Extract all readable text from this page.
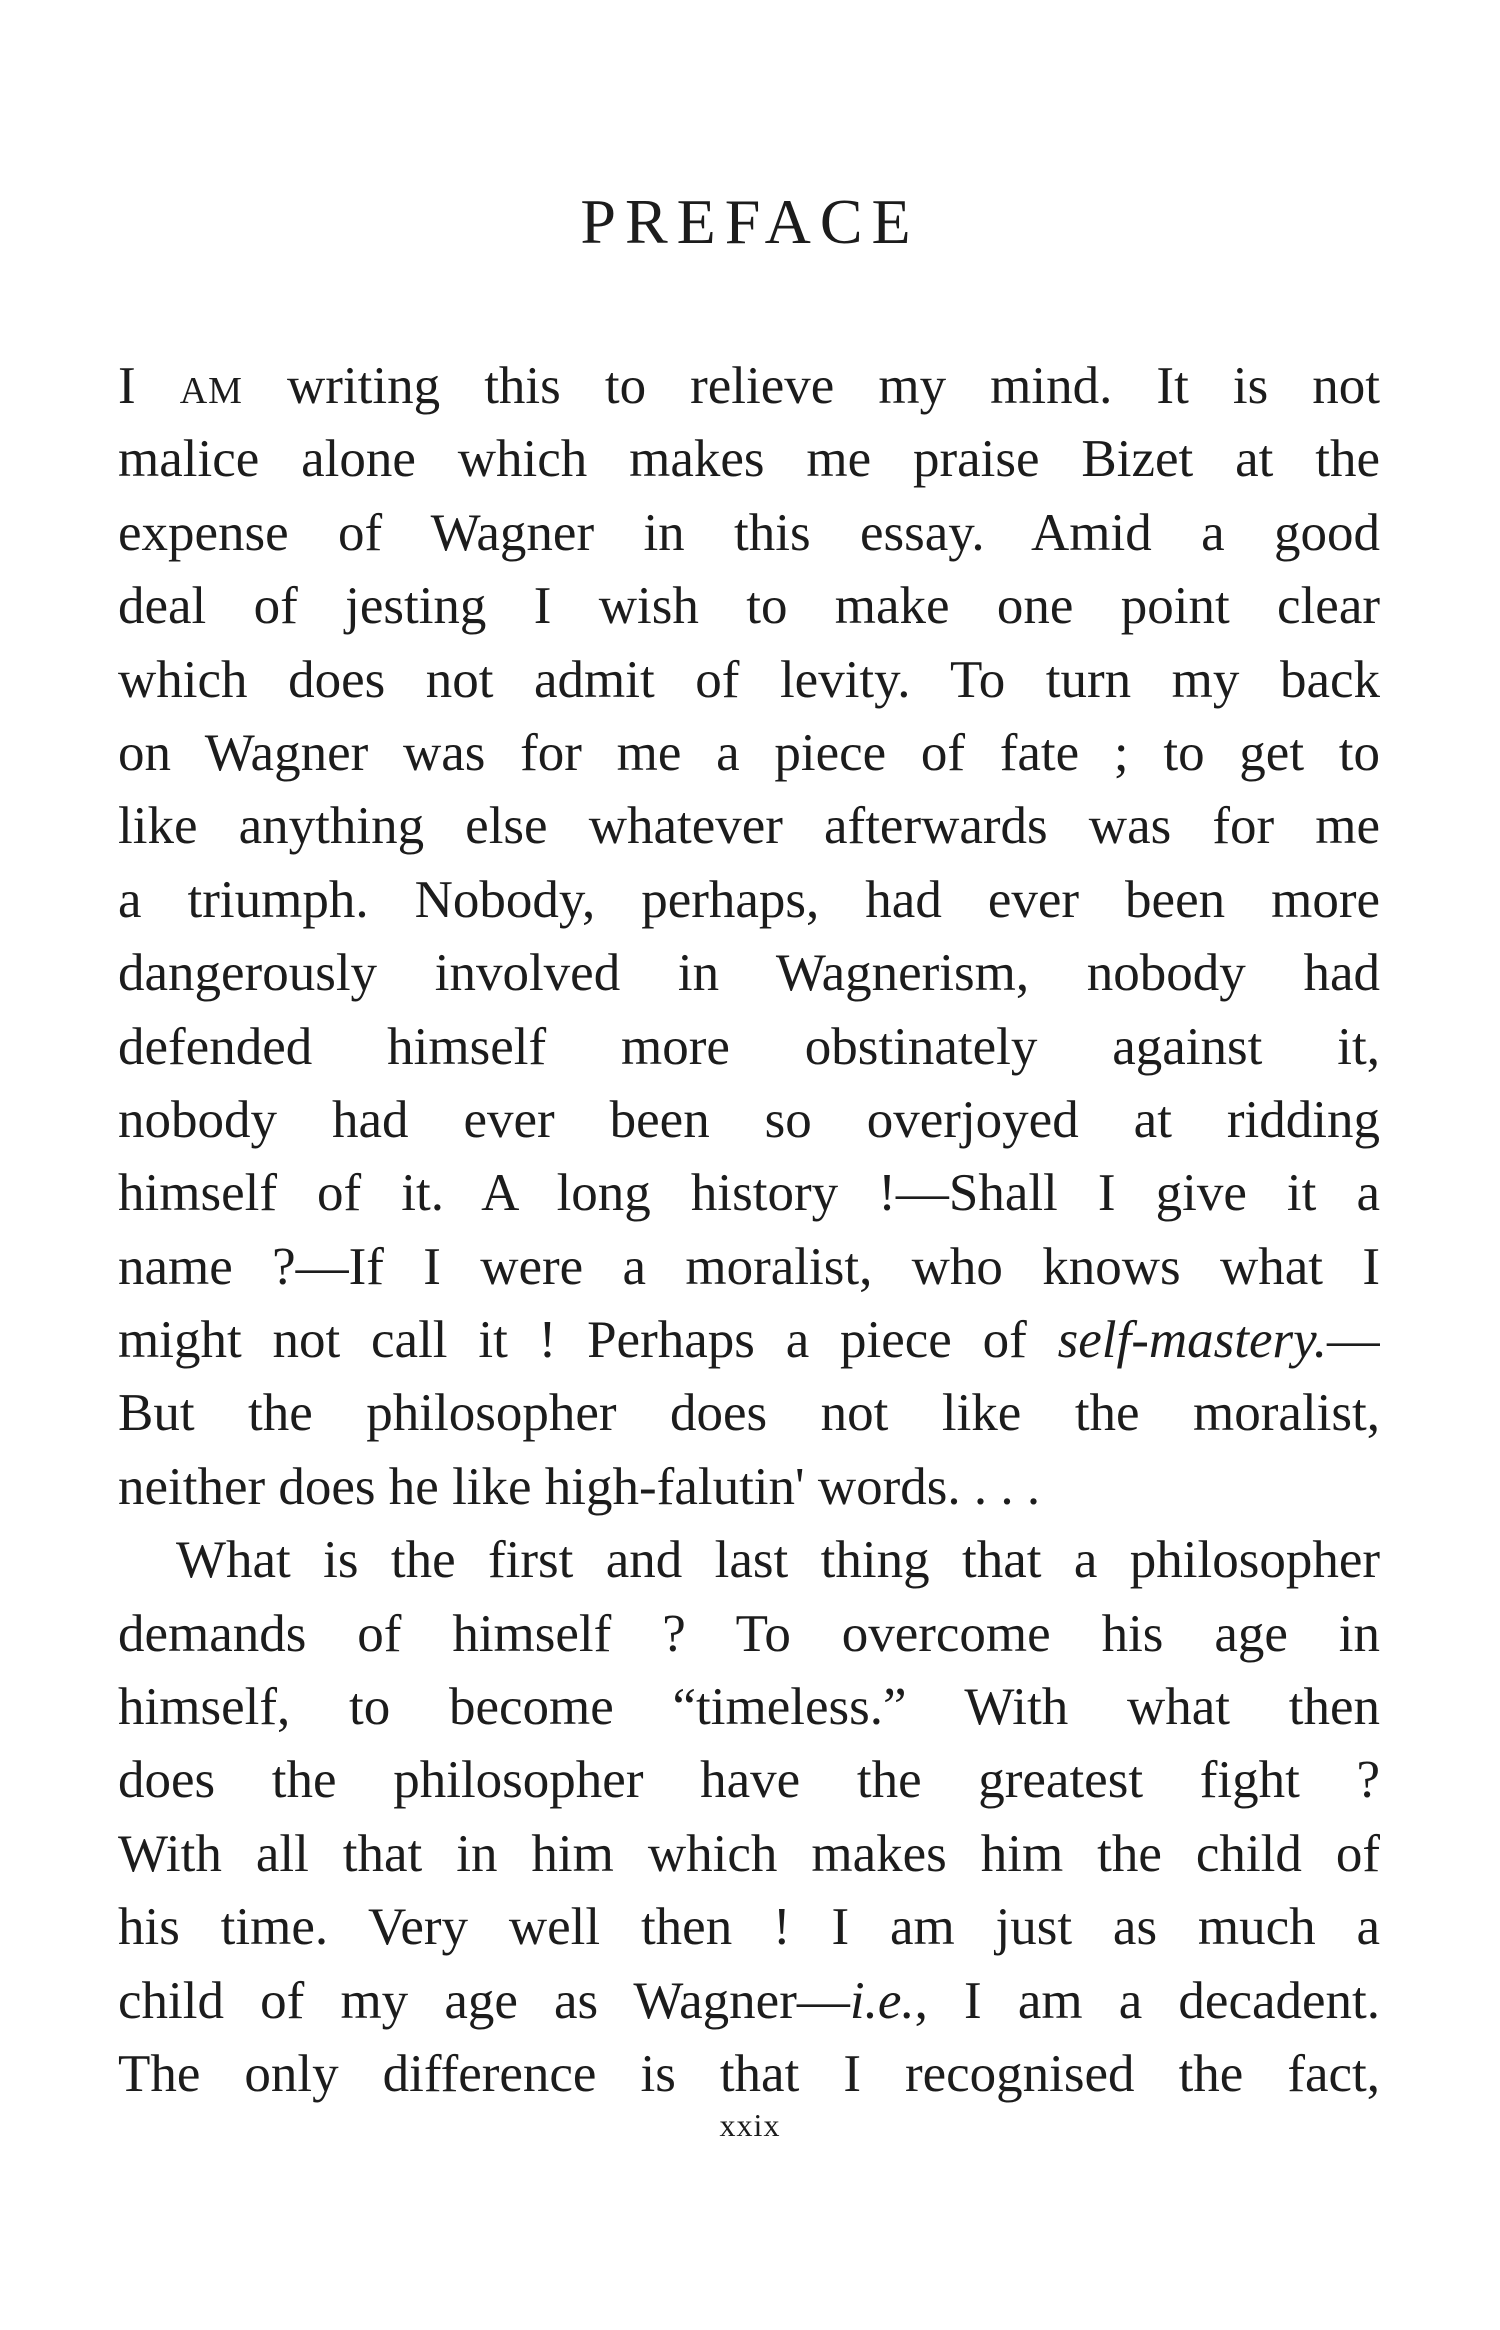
PREFACE
I AM writing this to relieve my mind. It is not
malice alone which makes me praise Bizet at the
expense of Wagner in this essay. Amid a good
deal of jesting I wish to make one point clear
which does not admit of levity. To turn my back
on Wagner was for me a piece of fate ; to get to
like anything else whatever afterwards was for me
a triumph. Nobody, perhaps, had ever been more
dangerously involved in Wagnerism, nobody had
defended himself more obstinately against it,
nobody had ever been so overjoyed at ridding
himself of it. A long history !—Shall I give it a
name ?—If I were a moralist, who knows what I
might not call it ! Perhaps a piece of self-mastery.—
But the philosopher does not like the moralist,
neither does he like high-falutin' words. . . .
What is the first and last thing that a philosopher
demands of himself ? To overcome his age in
himself, to become “timeless.” With what then
does the philosopher have the greatest fight ?
With all that in him which makes him the child of
his time. Very well then ! I am just as much a
child of my age as Wagner—i.e., I am a decadent.
The only difference is that I recognised the fact,
xxix
